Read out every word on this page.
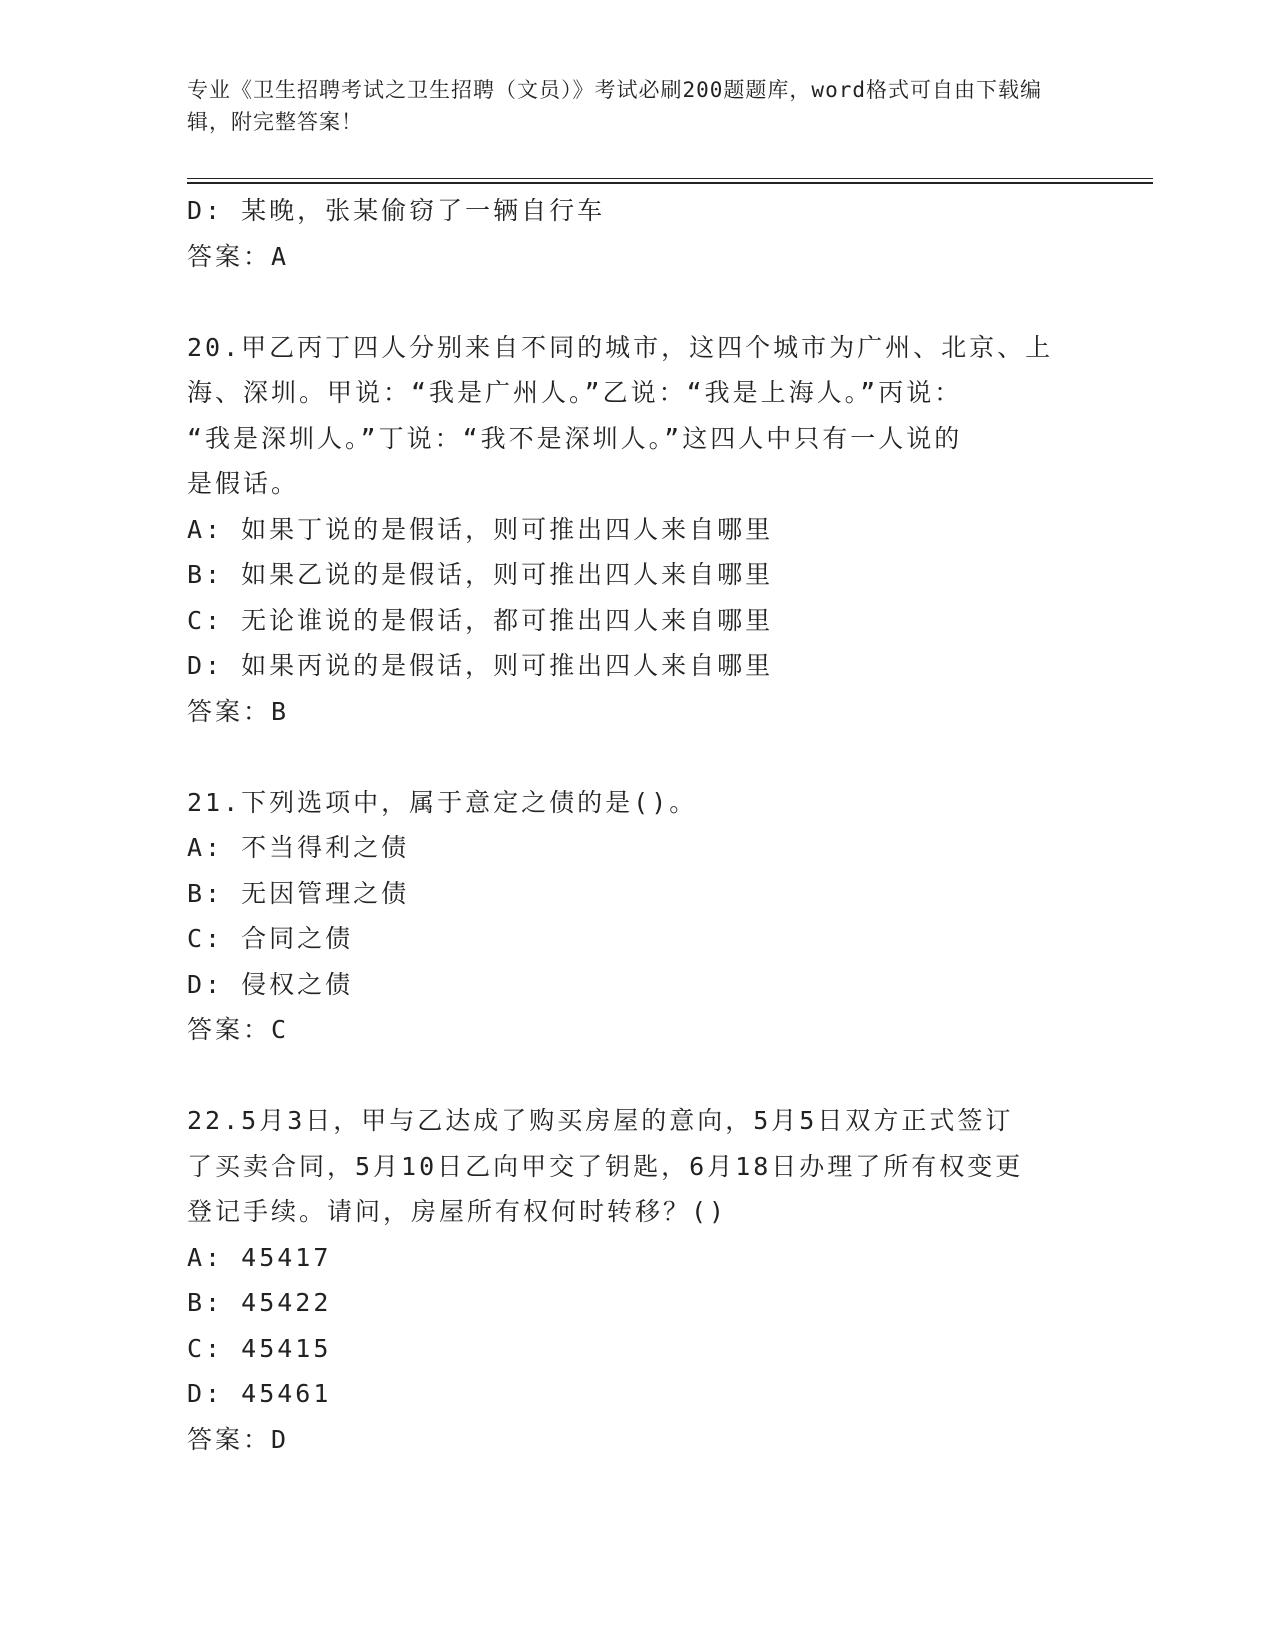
专业《卫生招聘考试之卫生招聘（文员）》考试必刷200题题库，word格式可自由下载编辑，附完整答案！
D: 某晚，张某偷窃了一辆自行车
答案：A
20.甲乙丙丁四人分别来自不同的城市，这四个城市为广州、北京、上
海、深圳。甲说：“我是广州人。”乙说：“我是上海人。”丙说：
“我是深圳人。”丁说：“我不是深圳人。”这四人中只有一人说的
是假话。
A: 如果丁说的是假话，则可推出四人来自哪里
B: 如果乙说的是假话，则可推出四人来自哪里
C: 无论谁说的是假话，都可推出四人来自哪里
D: 如果丙说的是假话，则可推出四人来自哪里
答案：B
21.下列选项中，属于意定之债的是()。
A: 不当得利之债
B: 无因管理之债
C: 合同之债
D: 侵权之债
答案：C
22.5月3日，甲与乙达成了购买房屋的意向，5月5日双方正式签订
了买卖合同，5月10日乙向甲交了钥匙，6月18日办理了所有权变更
登记手续。请问，房屋所有权何时转移？()
A: 45417
B: 45422
C: 45415
D: 45461
答案：D
